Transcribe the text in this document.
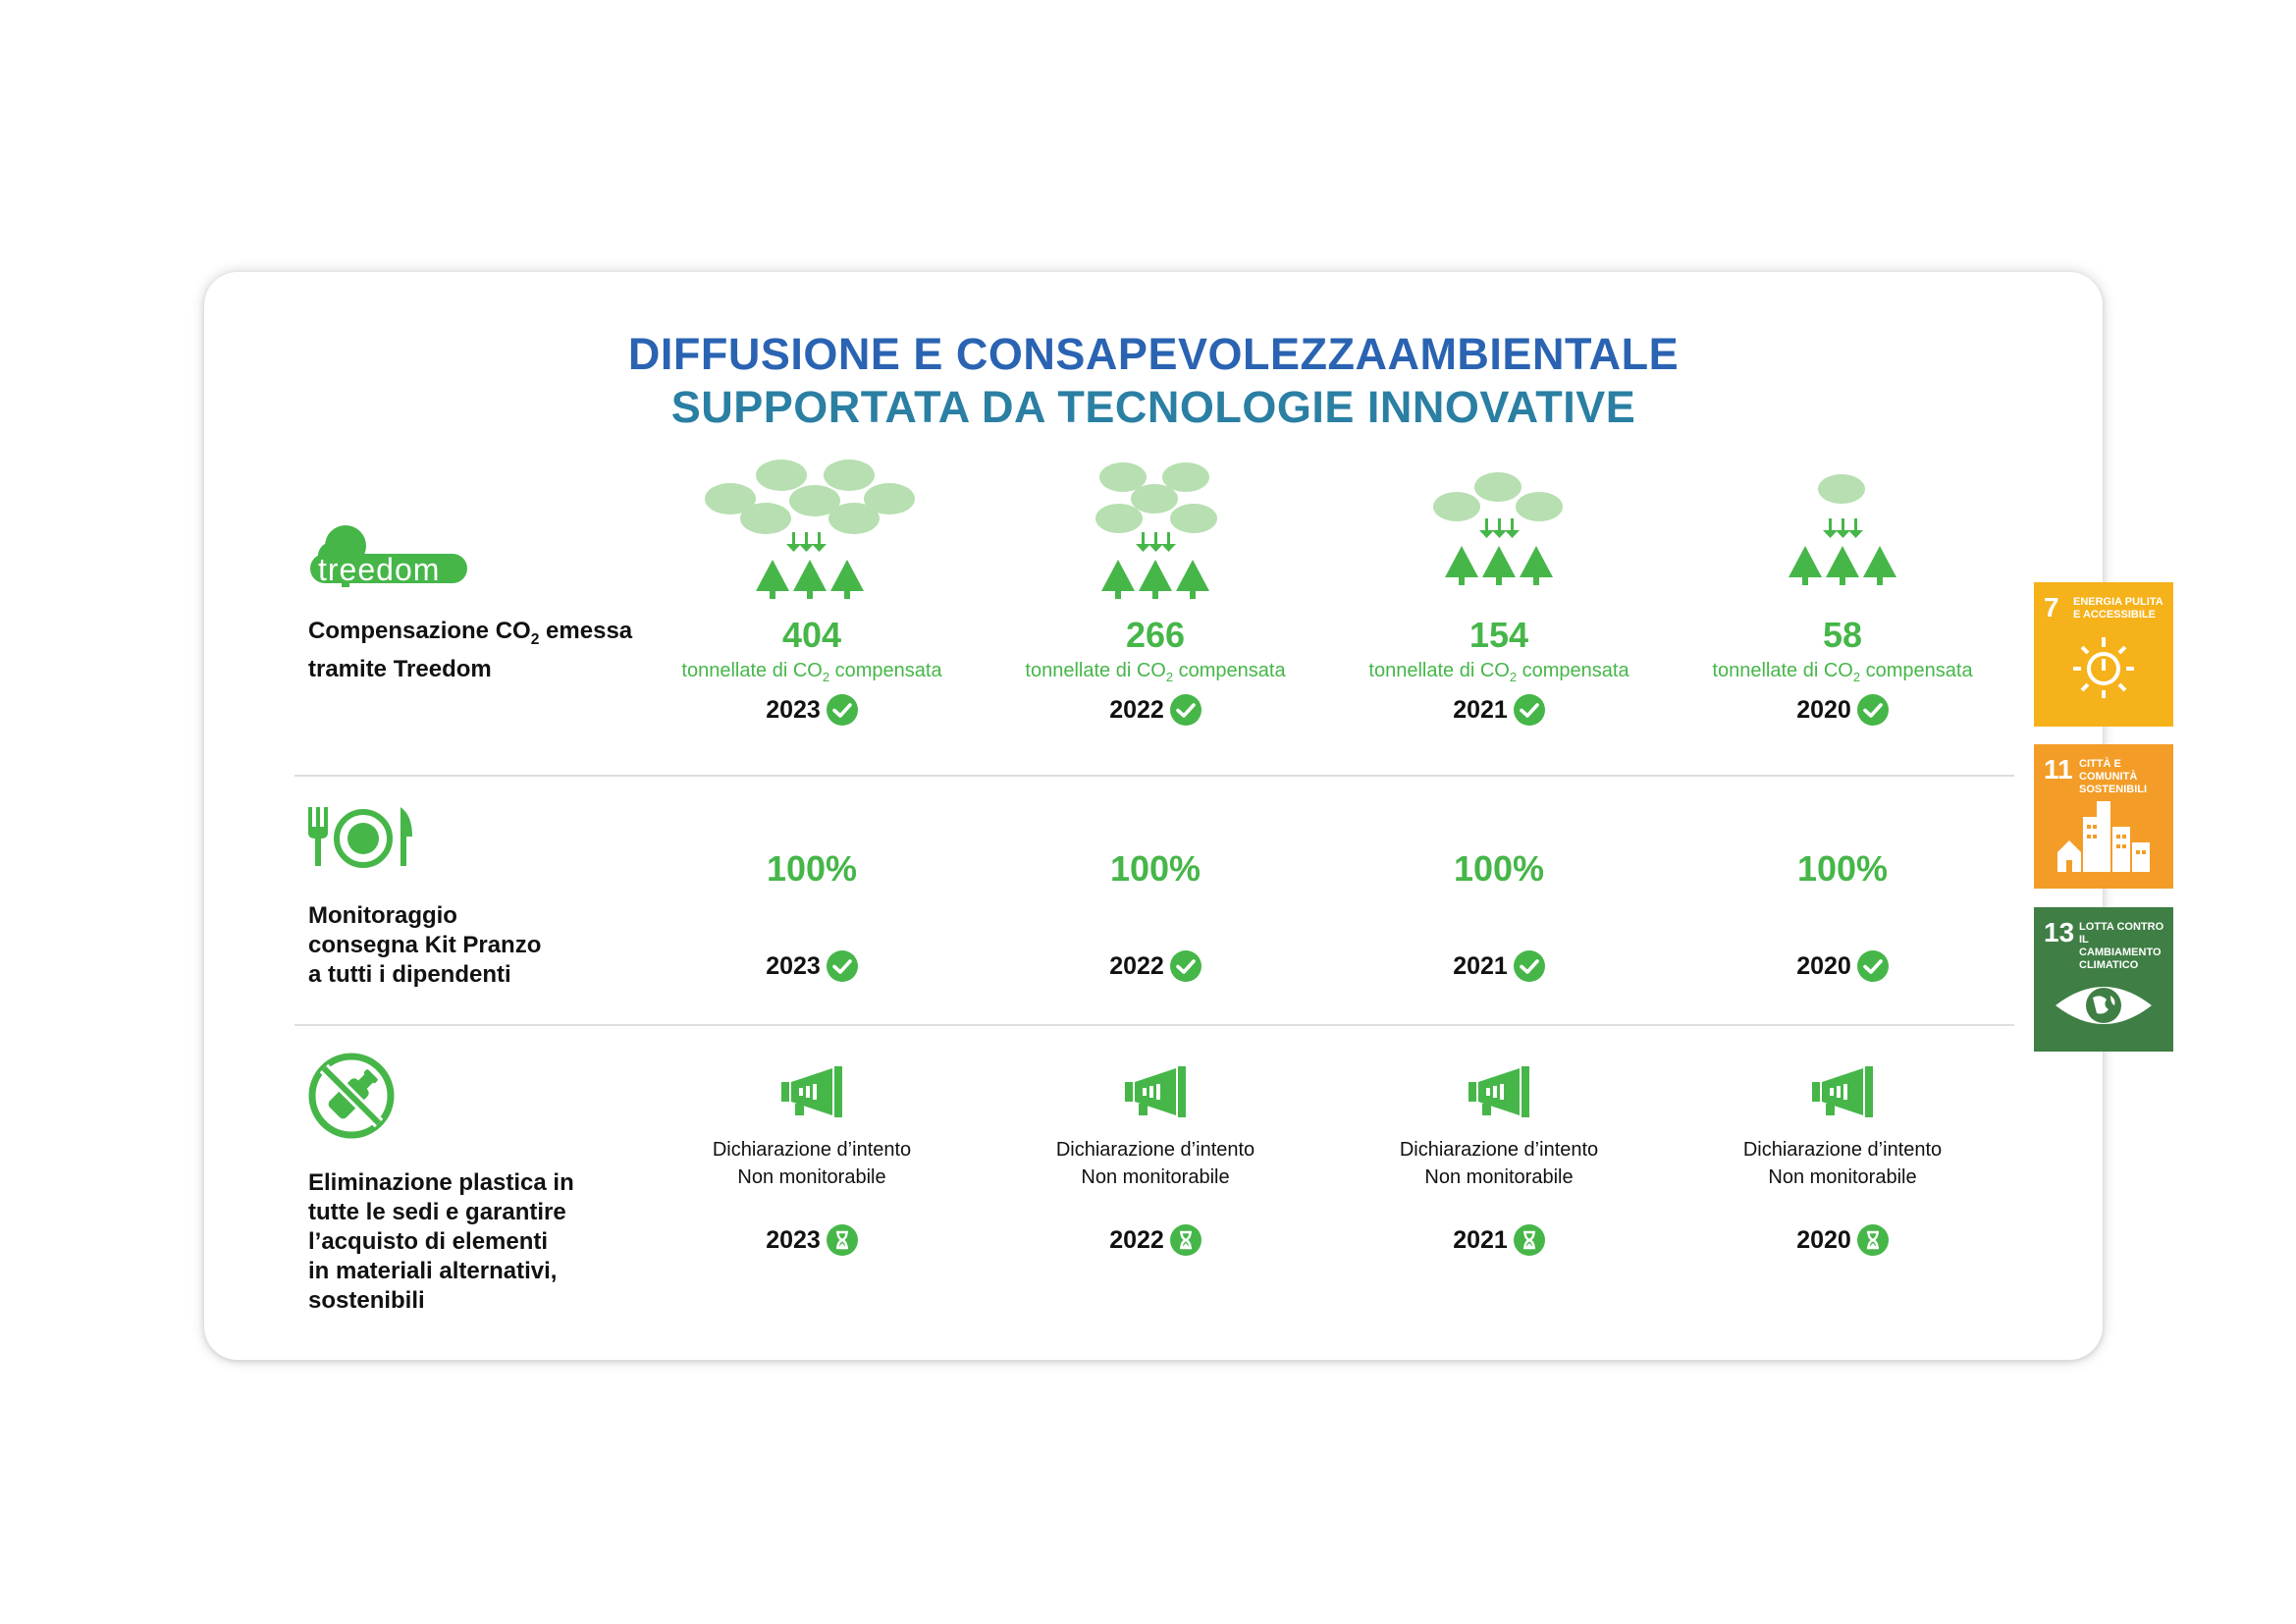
DIFFUSIONE E CONSAPEVOLEZZAAMBIENTALE
SUPPORTATA DA TECNOLOGIE INNOVATIVE
treedom
Compensazione $CO_2$ emessa
tramite Treedom
404
tonnellate di $CO_2$ compensata
2023
266
tonnellate di $CO_2$ compensata
2022
154
tonnellate di $CO_2$ compensata
2021
58
tonnellate di $CO_2$ compensata
2020
Monitoraggio
consegna Kit Pranzo
a tutti i dipendenti
100%
2023
100%
2022
100%
2021
100%
2020
Eliminazione plastica in
tutte le sedi e garantire
l’acquisto di elementi
in materiali alternativi,
sostenibili
Dichiarazione d’intento
Non monitorabile
2023
Dichiarazione d’intento
Non monitorabile
2022
Dichiarazione d’intento
Non monitorabile
2021
Dichiarazione d’intento
Non monitorabile
2020
7 ENERGIA PULITA
E ACCESSIBILE
11 CITTÀ E COMUNITÀ
SOSTENIBILI
13 LOTTA CONTRO
IL CAMBIAMENTO
CLIMATICO
